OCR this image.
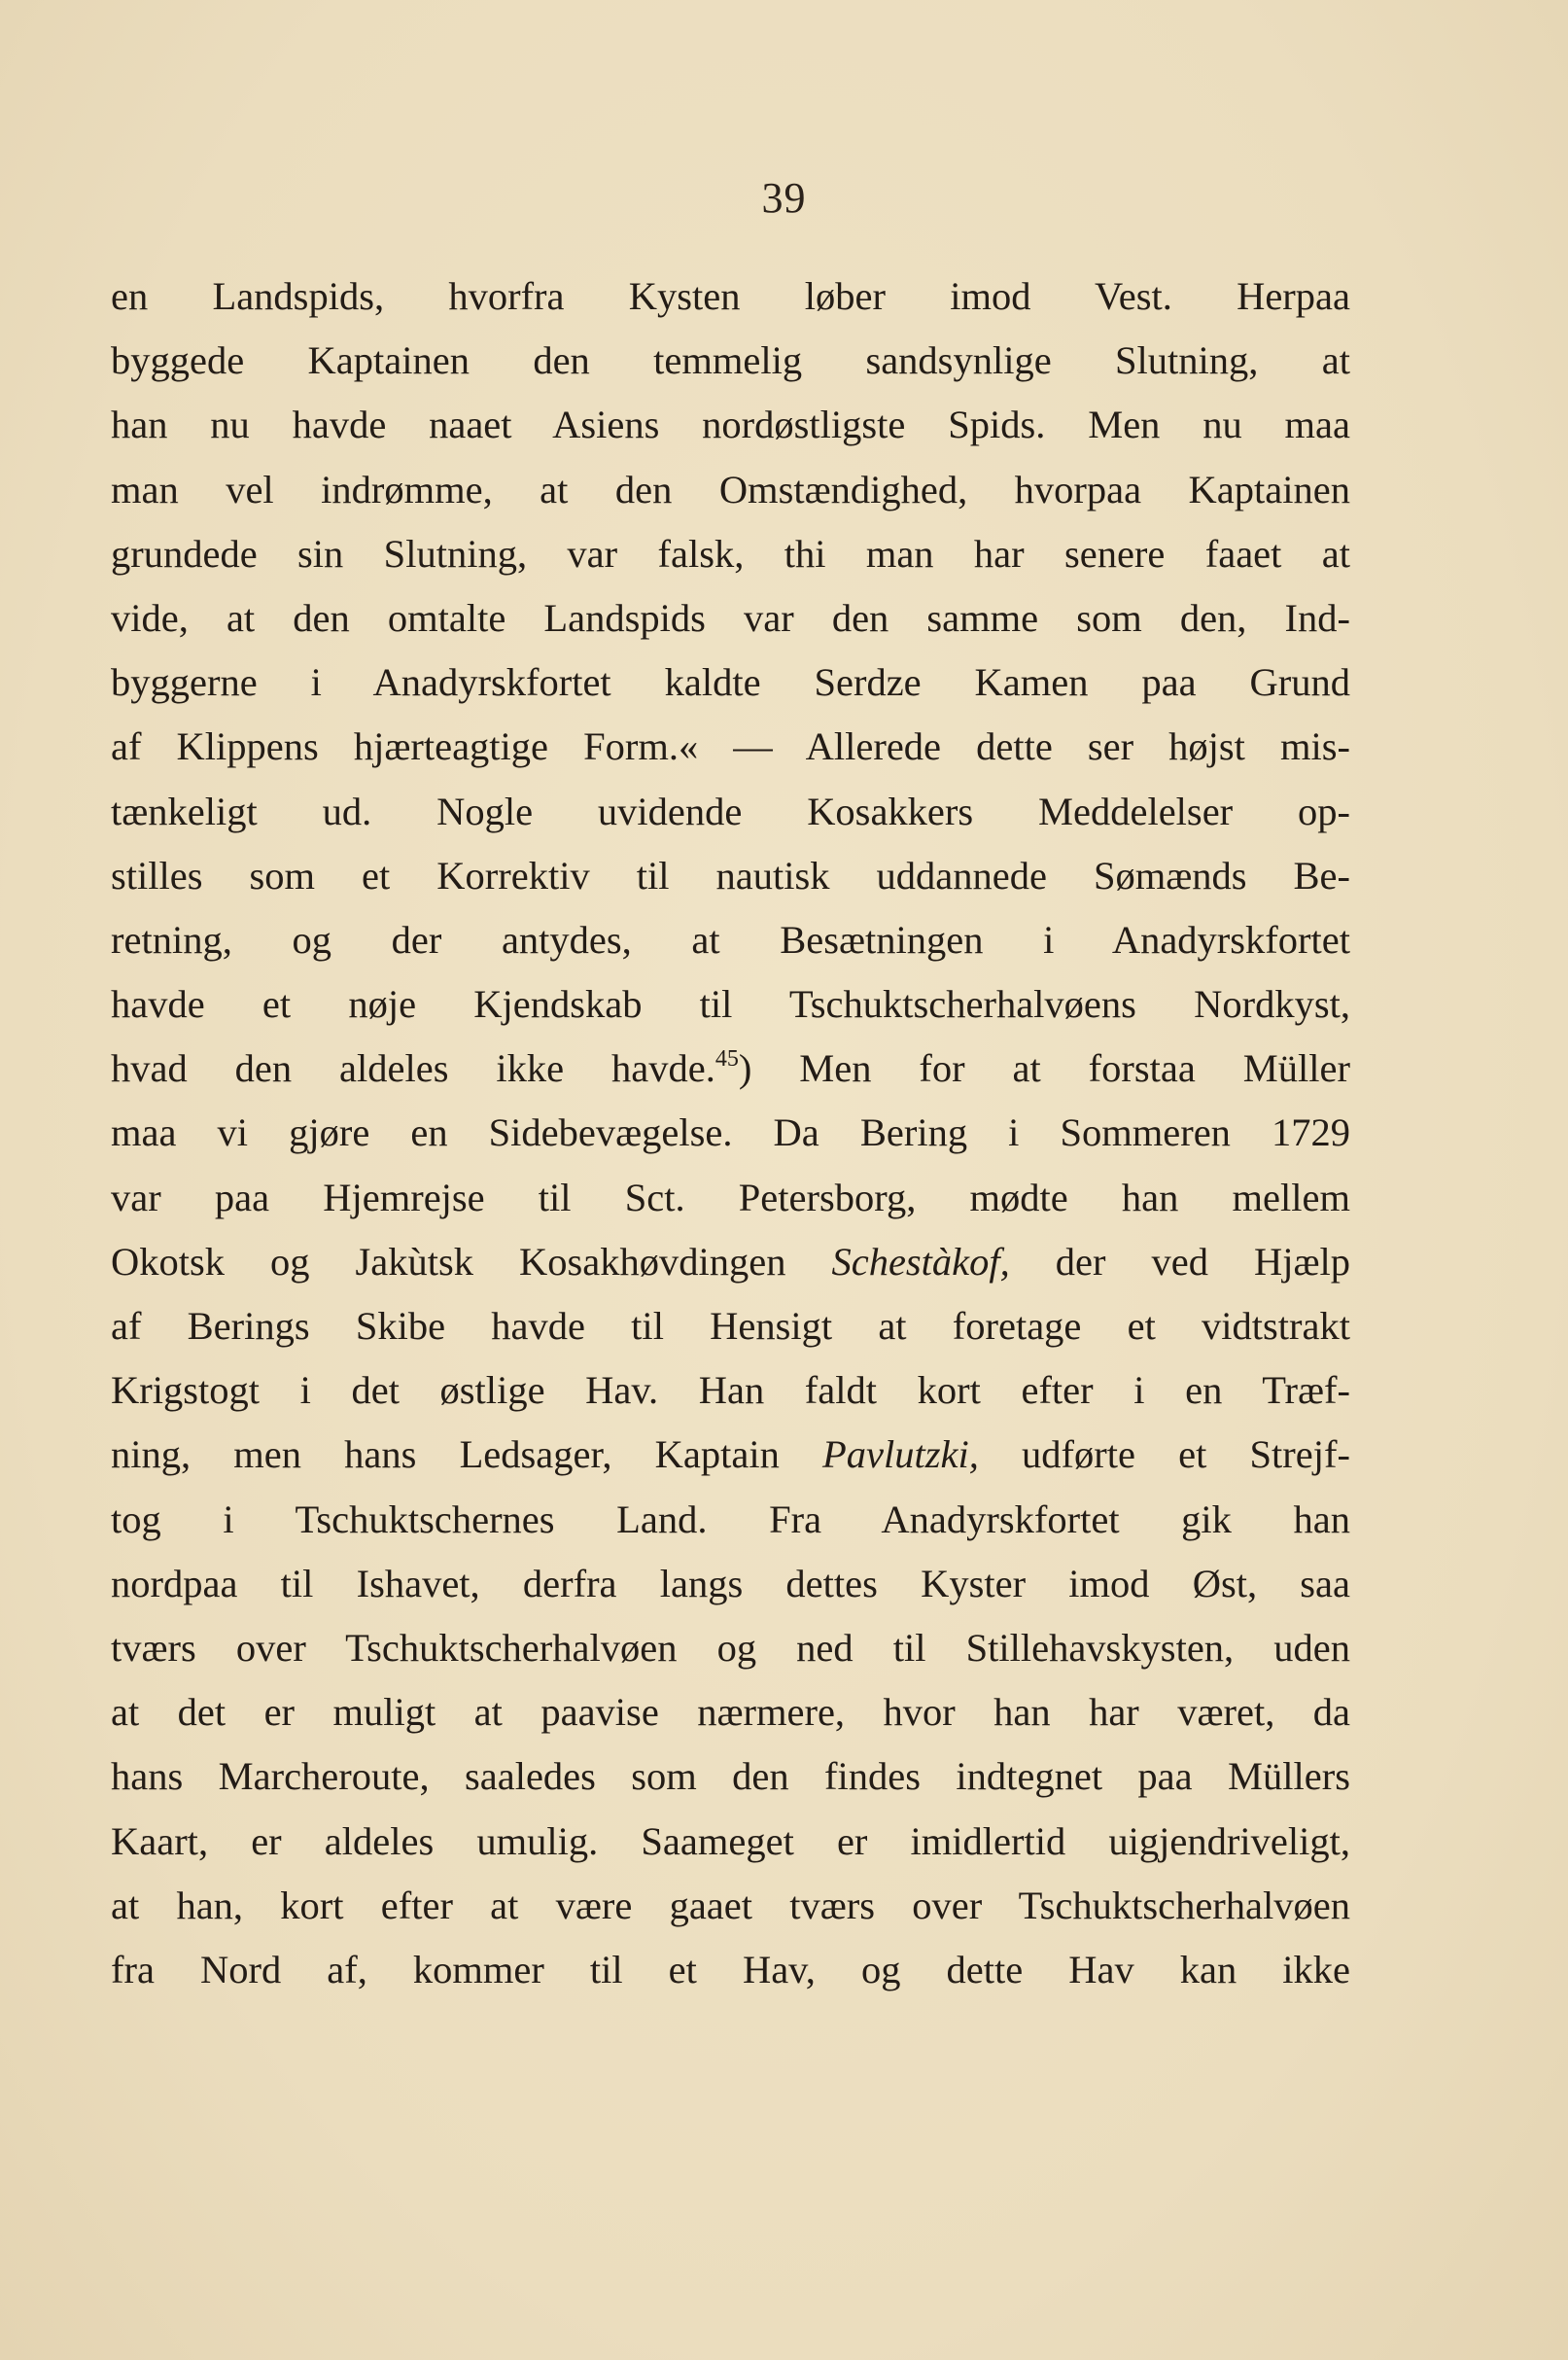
39
en Landspids, hvorfra Kysten løber imod Vest. Herpaa
byggede Kaptainen den temmelig sandsynlige Slutning, at
han nu havde naaet Asiens nordøstligste Spids. Men nu maa
man vel indrømme, at den Omstændighed, hvorpaa Kaptainen
grundede sin Slutning, var falsk, thi man har senere faaet at
vide, at den omtalte Landspids var den samme som den, Ind-
byggerne i Anadyrskfortet kaldte Serdze Kamen paa Grund
af Klippens hjærteagtige Form.« — Allerede dette ser højst mis-
tænkeligt ud. Nogle uvidende Kosakkers Meddelelser op-
stilles som et Korrektiv til nautisk uddannede Sømænds Be-
retning, og der antydes, at Besætningen i Anadyrskfortet
havde et nøje Kjendskab til Tschuktscherhalvøens Nordkyst,
hvad den aldeles ikke havde.$^{45}$) Men for at forstaa Müller
maa vi gjøre en Sidebevægelse. Da Bering i Sommeren 1729
var paa Hjemrejse til Sct. Petersborg, mødte han mellem
Okotsk og Jakùtsk Kosakhøvdingen Schestàkof, der ved Hjælp
af Berings Skibe havde til Hensigt at foretage et vidtstrakt
Krigstogt i det østlige Hav. Han faldt kort efter i en Træf-
ning, men hans Ledsager, Kaptain Pavlutzki, udførte et Strejf-
tog i Tschuktschernes Land. Fra Anadyrskfortet gik han
nordpaa til Ishavet, derfra langs dettes Kyster imod Øst, saa
tværs over Tschuktscherhalvøen og ned til Stillehavskysten, uden
at det er muligt at paavise nærmere, hvor han har været, da
hans Marcheroute, saaledes som den findes indtegnet paa Müllers
Kaart, er aldeles umulig. Saameget er imidlertid uigjendriveligt,
at han, kort efter at være gaaet tværs over Tschuktscherhalvøen
fra Nord af, kommer til et Hav, og dette Hav kan ikke
